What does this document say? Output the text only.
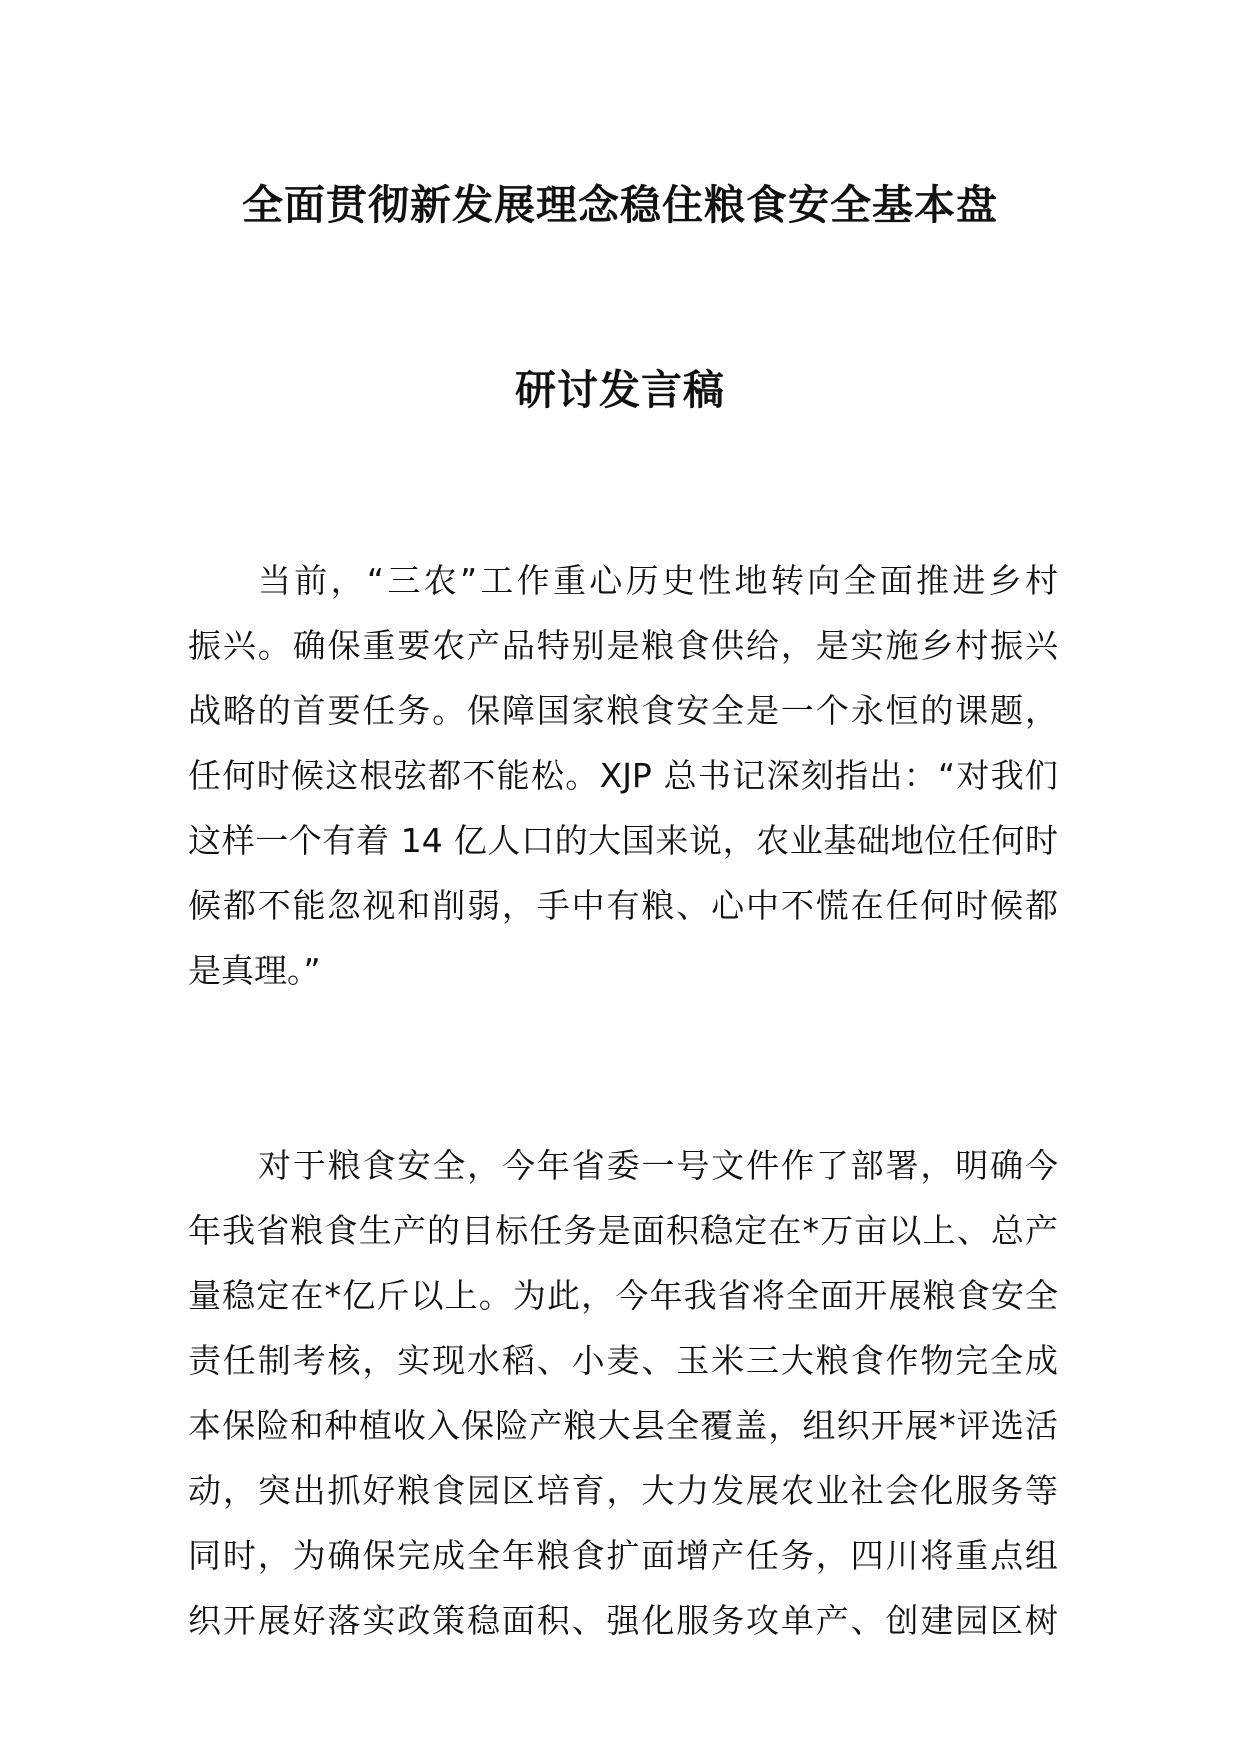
全面贯彻新发展理念稳住粮食安全基本盘
研讨发言稿

当前，“三农”工作重心历史性地转向全面推进乡村
振兴。确保重要农产品特别是粮食供给，是实施乡村振兴
战略的首要任务。保障国家粮食安全是一个永恒的课题，
任何时候这根弦都不能松。XJP 总书记深刻指出：“对我们
这样一个有着 14 亿人口的大国来说，农业基础地位任何时
候都不能忽视和削弱，手中有粮、心中不慌在任何时候都
是真理。”

对于粮食安全，今年省委一号文件作了部署，明确今
年我省粮食生产的目标任务是面积稳定在*万亩以上、总产
量稳定在*亿斤以上。为此，今年我省将全面开展粮食安全
责任制考核，实现水稻、小麦、玉米三大粮食作物完全成
本保险和种植收入保险产粮大县全覆盖，组织开展*评选活
动，突出抓好粮食园区培育，大力发展农业社会化服务等
同时，为确保完成全年粮食扩面增产任务，四川将重点组
织开展好落实政策稳面积、强化服务攻单产、创建园区树
